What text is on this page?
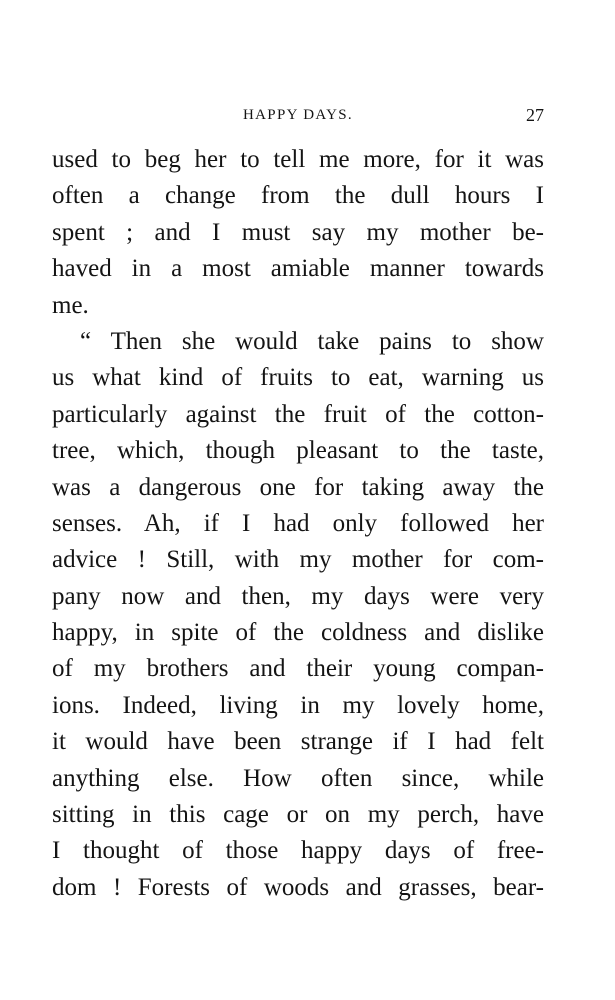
HAPPY DAYS.	27
used to beg her to tell me more, for it was
often a change from the dull hours I
spent ; and I must say my mother be-
haved in a most amiable manner towards
me.
“ Then she would take pains to show
us what kind of fruits to eat, warning us
particularly against the fruit of the cotton-
tree, which, though pleasant to the taste,
was a dangerous one for taking away the
senses. Ah, if I had only followed her
advice ! Still, with my mother for com-
pany now and then, my days were very
happy, in spite of the coldness and dislike
of my brothers and their young compan-
ions. Indeed, living in my lovely home,
it would have been strange if I had felt
anything else. How often since, while
sitting in this cage or on my perch, have
I thought of those happy days of free-
dom ! Forests of woods and grasses, bear-
